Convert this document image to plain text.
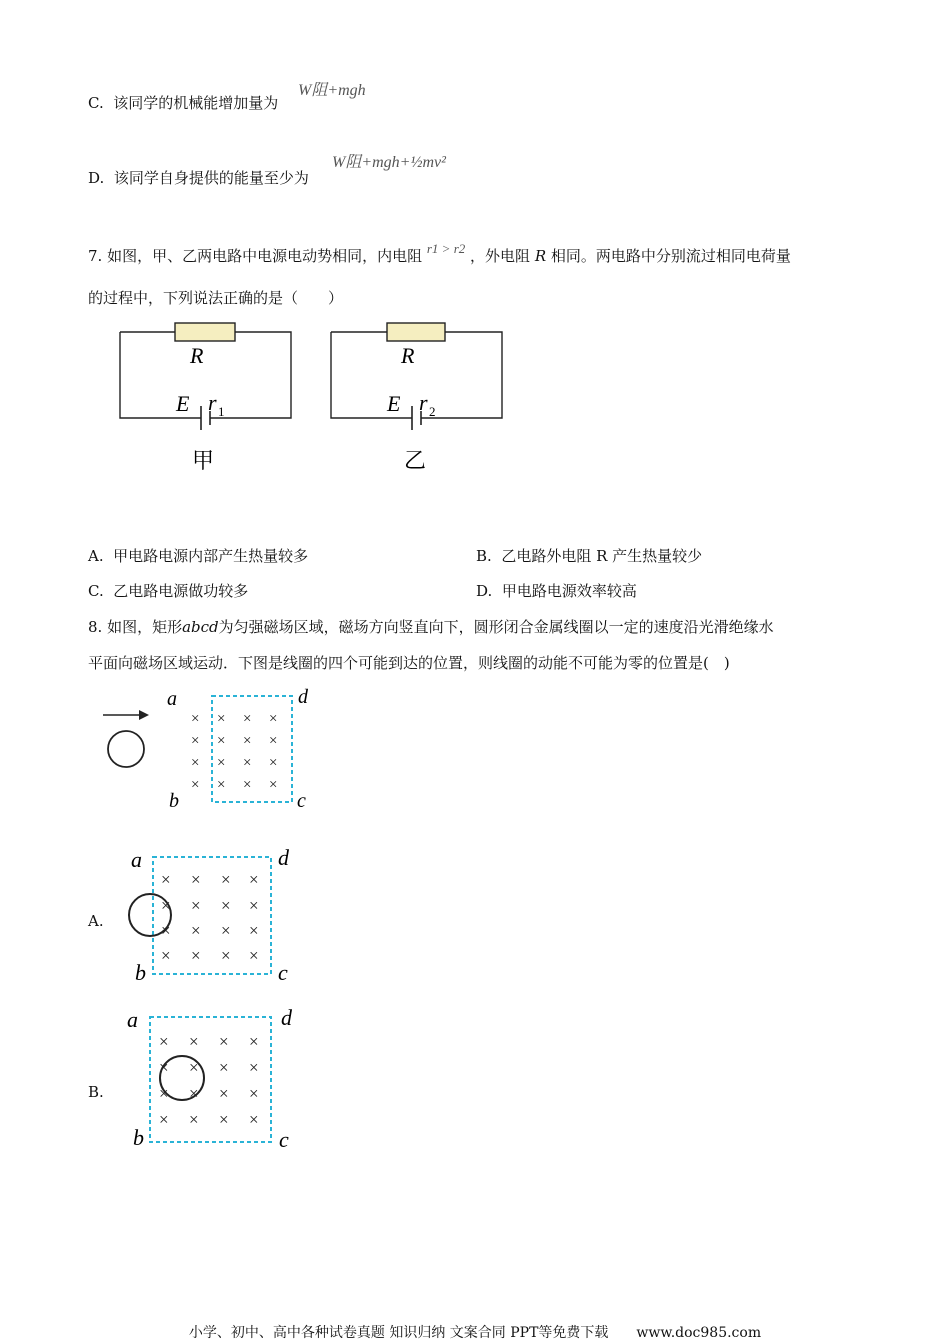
C. 该同学的机械能增加量为
W阻+mgh
D. 该同学自身提供的能量至少为
W阻+mgh+½mv²
7. 如图，甲、乙两电路中电源电动势相同，内电阻 r1 > r2 ，外电阻 R 相同。两电路中分别流过相同电荷量
的过程中，下列说法正确的是（　　）
R
E r 1
甲
R
E r 2
乙
A. 甲电路电源内部产生热量较多	B. 乙电路外电阻 R 产生热量较少
C. 乙电路电源做功较多	D. 甲电路电源效率较高
8. 如图，矩形abcd为匀强磁场区域，磁场方向竖直向下，圆形闭合金属线圈以一定的速度沿光滑绝缘水
平面向磁场区域运动．下图是线圈的四个可能到达的位置，则线圈的动能不可能为零的位置是(　)
× × × ×
× × × ×
× × × ×
× × × ×
a	d
b	c
A.
× × × ×
× × × ×
× × × ×
× × × ×
a	d
b	c
B.
× × × ×
× × × ×
× × × ×
× × × ×
a	d
b	c
小学、初中、高中各种试卷真题 知识归纳 文案合同 PPT等免费下载　　www.doc985.com
